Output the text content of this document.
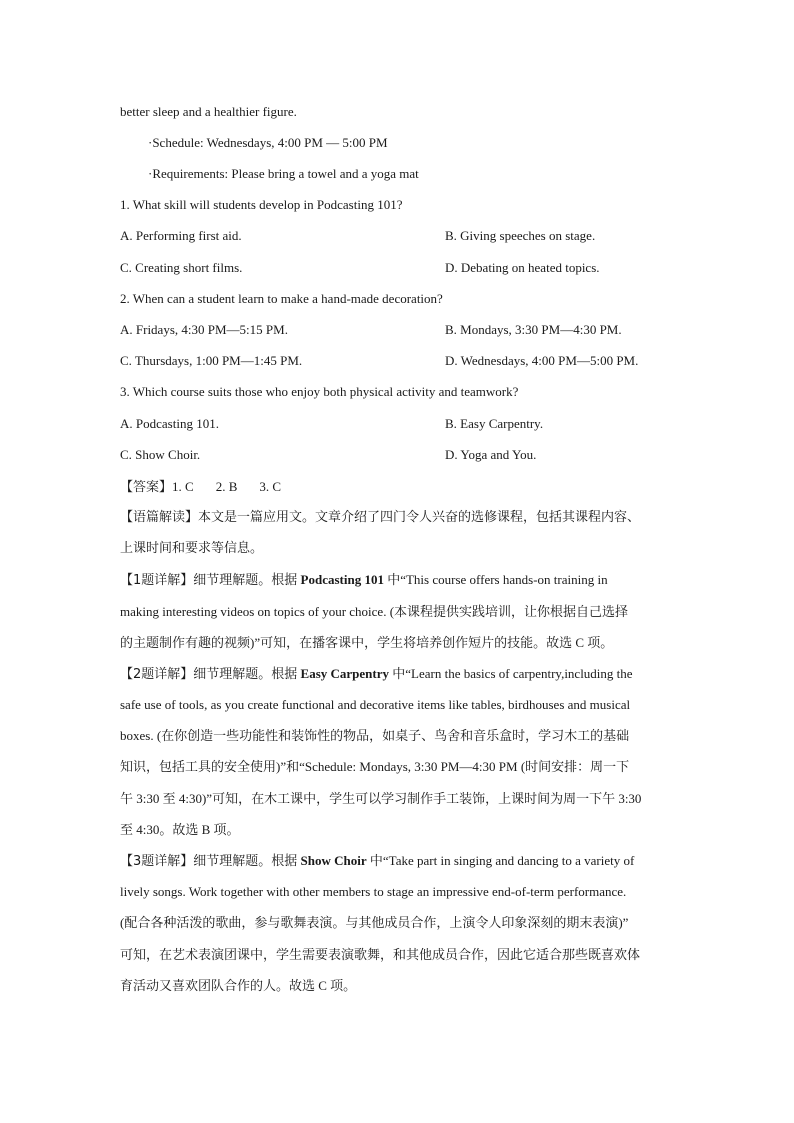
better sleep and a healthier figure.
·Schedule: Wednesdays, 4:00 PM — 5:00 PM
·Requirements: Please bring a towel and a yoga mat
1. What skill will students develop in Podcasting 101?
A. Performing first aid.	B. Giving speeches on stage.
C. Creating short films.	D. Debating on heated topics.
2. When can a student learn to make a hand-made decoration?
A. Fridays, 4:30 PM—5:15 PM.	B. Mondays, 3:30 PM—4:30 PM.
C. Thursdays, 1:00 PM—1:45 PM.	D. Wednesdays, 4:00 PM—5:00 PM.
3. Which course suits those who enjoy both physical activity and teamwork?
A. Podcasting 101.	B. Easy Carpentry.
C. Show Choir.	D. Yoga and You.
【答案】1. C 2. B 3. C
【语篇解读】本文是一篇应用文。文章介绍了四门令人兴奋的选修课程，包括其课程内容、
上课时间和要求等信息。
【1题详解】细节理解题。根据 Podcasting 101 中“This course offers hands-on training in
making interesting videos on topics of your choice. (本课程提供实践培训，让你根据自己选择
的主题制作有趣的视频)”可知，在播客课中，学生将培养创作短片的技能。故选 C 项。
【2题详解】细节理解题。根据 Easy Carpentry 中“Learn the basics of carpentry,including the
safe use of tools, as you create functional and decorative items like tables, birdhouses and musical
boxes. (在你创造一些功能性和装饰性的物品，如桌子、鸟舍和音乐盒时，学习木工的基础
知识，包括工具的安全使用)”和“Schedule: Mondays, 3:30 PM—4:30 PM (时间安排：周一下
午 3:30 至 4:30)”可知，在木工课中，学生可以学习制作手工装饰，上课时间为周一下午 3:30
至 4:30。故选 B 项。
【3题详解】细节理解题。根据 Show Choir 中“Take part in singing and dancing to a variety of
lively songs. Work together with other members to stage an impressive end-of-term performance.
(配合各种活泼的歌曲，参与歌舞表演。与其他成员合作，上演令人印象深刻的期末表演)”
可知，在艺术表演团课中，学生需要表演歌舞，和其他成员合作，因此它适合那些既喜欢体
育活动又喜欢团队合作的人。故选 C 项。
